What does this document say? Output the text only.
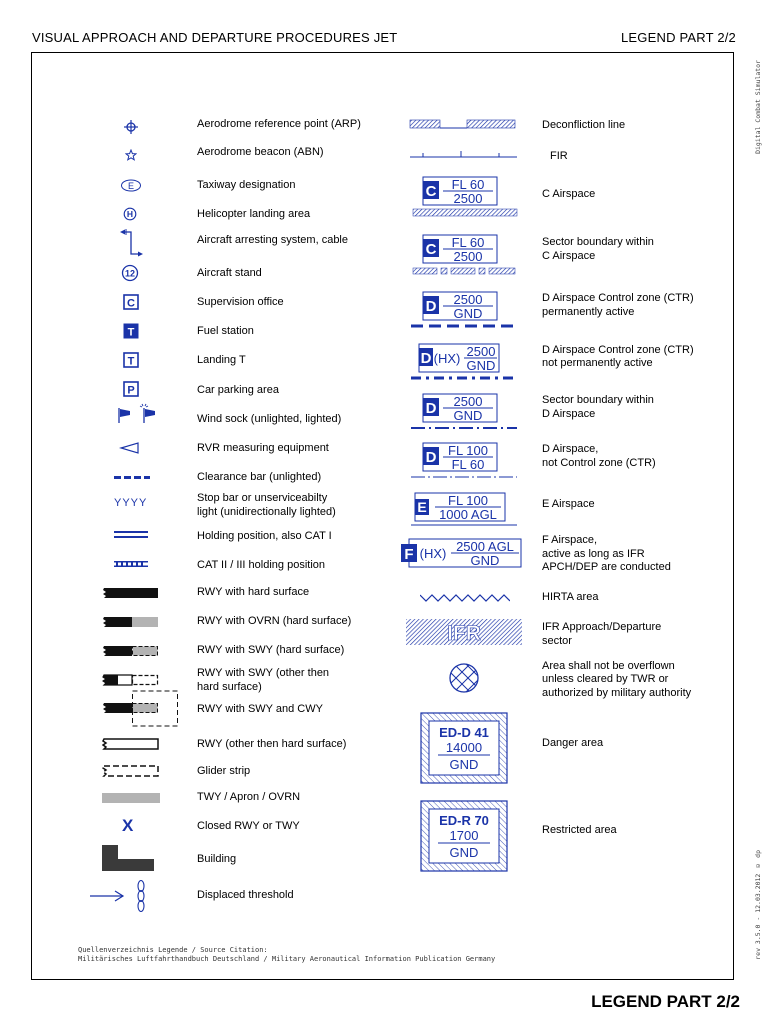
VISUAL APPROACH AND DEPARTURE PROCEDURES JET	LEGEND PART 2/2
Digital Combat Simulator
rev 3.5.0 - 12.03.2012 © dp
E
H
12
C
T
T
P
YYYY
X
Aerodrome reference point (ARP)
Aerodrome beacon (ABN)
Taxiway designation
Helicopter landing area
Aircraft arresting system, cable
Aircraft stand
Supervision office
Fuel station
Landing T
Car parking area
Wind sock (unlighted, lighted)
RVR measuring equipment
Clearance bar (unlighted)
Stop bar or unserviceabilty
light (unidirectionally lighted)
Holding position, also CAT I
CAT II / III holding position
RWY with hard surface
RWY with OVRN (hard surface)
RWY with SWY (hard surface)
RWY with SWY (other then
hard surface)
RWY with SWY and CWY
RWY (other then hard surface)
Glider strip
TWY / Apron / OVRN
Closed RWY or TWY
Building
Displaced threshold
C FL 60
2500
C FL 60
2500
D 2500
GND
D (HX) 2500
GND
D 2500
GND
D FL 100
FL 60
E FL 100
1000 AGL
F (HX) 2500 AGL
GND
IFR
ED-D 41
14000
GND
ED-R 70
1700
GND
Deconfliction line
FIR
C Airspace
Sector boundary within
C Airspace
D Airspace Control zone (CTR)
permanently active
D Airspace Control zone (CTR)
not permanently active
Sector boundary within
D Airspace
D Airspace,
not Control zone (CTR)
E Airspace
F Airspace,
active as long as IFR
APCH/DEP are conducted
HIRTA area
IFR Approach/Departure
sector
Area shall not be overflown
unless cleared by TWR or
authorized by military authority
Danger area
Restricted area
Quellenverzeichnis Legende / Source Citation:
Militärisches Luftfahrthandbuch Deutschland / Military Aeronautical Information Publication Germany
LEGEND PART 2/2
